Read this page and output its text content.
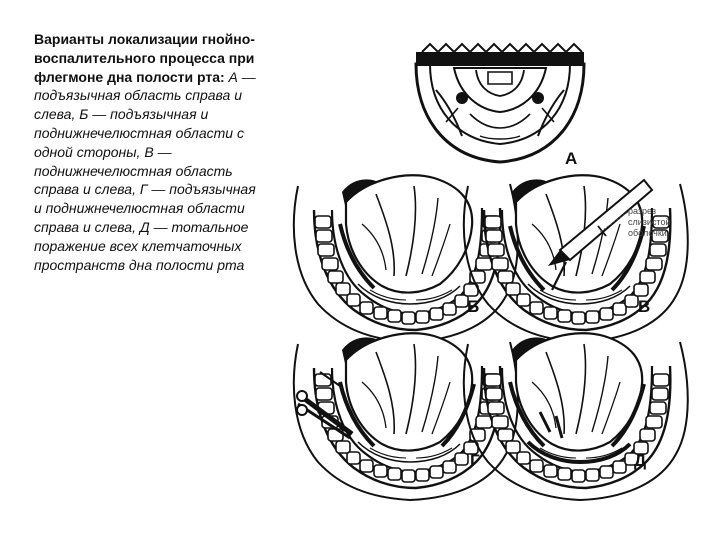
Варианты локализации гнойно-воспалительного процесса при флегмоне дна полости рта: А — подъязычная область справа и слева, Б — подъязычная и поднижнечелюстная области с одной стороны, В — поднижнечелюстная область справа и слева, Г — подъязычная и поднижнечелюстная области справа и слева, Д — тотальное поражение всех клетчаточных пространств дна полости рта
разрез
слизистой
оболочки
А
Б	В
Г	Д
